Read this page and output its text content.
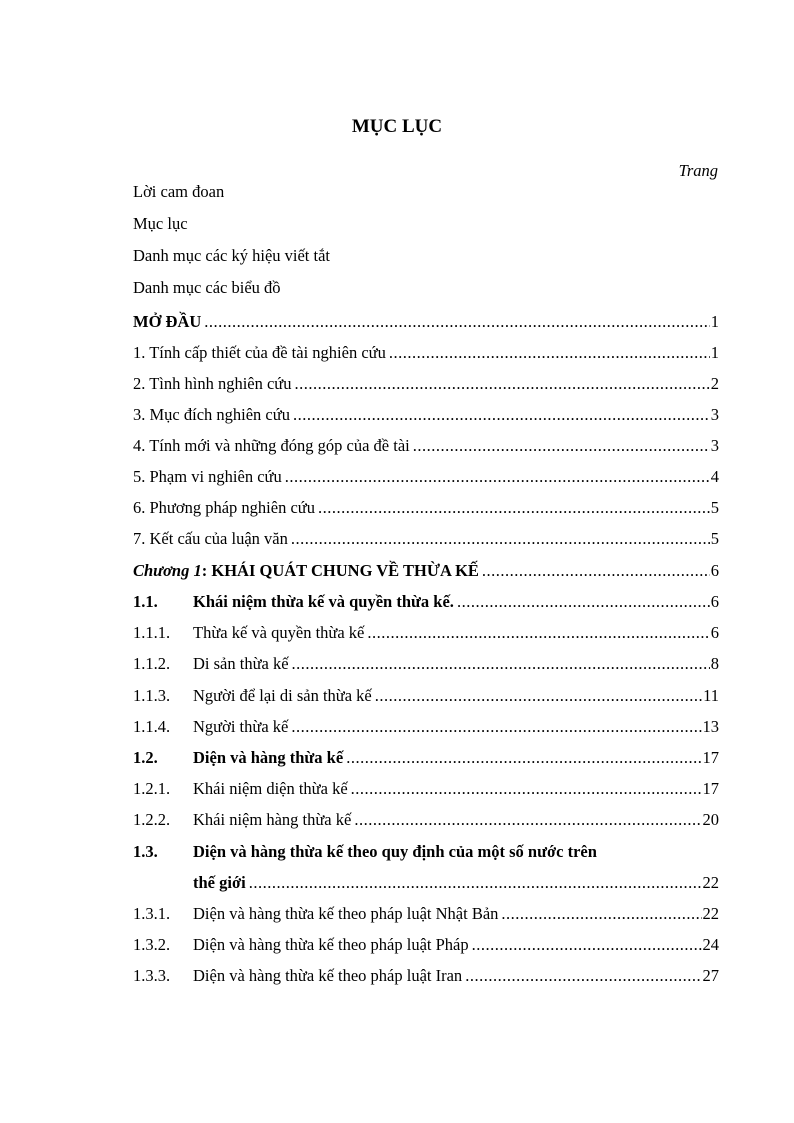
MỤC LỤC
Trang
Lời cam đoan
Mục lục
Danh mục các ký hiệu viết tắt
Danh mục các biểu đồ
MỞ ĐẦU .....	1
1. Tính cấp thiết của đề tài nghiên cứu .....	1
2. Tình hình nghiên cứu .....	2
3. Mục đích nghiên cứu .....	3
4. Tính mới và những đóng góp của đề tài .....	3
5. Phạm vi nghiên cứu .....	4
6. Phương pháp nghiên cứu .....	5
7. Kết cấu của luận văn .....	5
Chương 1 : KHÁI QUÁT CHUNG VỀ THỪA KẾ .....	6
1.1.	Khái niệm thừa kế và quyền thừa kế. .....	6
1.1.1.	Thừa kế và quyền thừa kế .....	6
1.1.2.	Di sản thừa kế .....	8
1.1.3.	Người để lại di sản thừa kế .....	11
1.1.4.	Người thừa kế .....	13
1.2.	Diện và hàng thừa kế .....	17
1.2.1.	Khái niệm diện thừa kế .....	17
1.2.2.	Khái niệm hàng thừa kế .....	20
1.3.	Diện và hàng thừa kế theo quy định của một số nước trên
thế giới .....	22
1.3.1.	Diện và hàng thừa kế theo pháp luật Nhật Bản .....	22
1.3.2.	Diện và hàng thừa kế theo pháp luật Pháp .....	24
1.3.3.	Diện và hàng thừa kế theo pháp luật Iran .....	27
